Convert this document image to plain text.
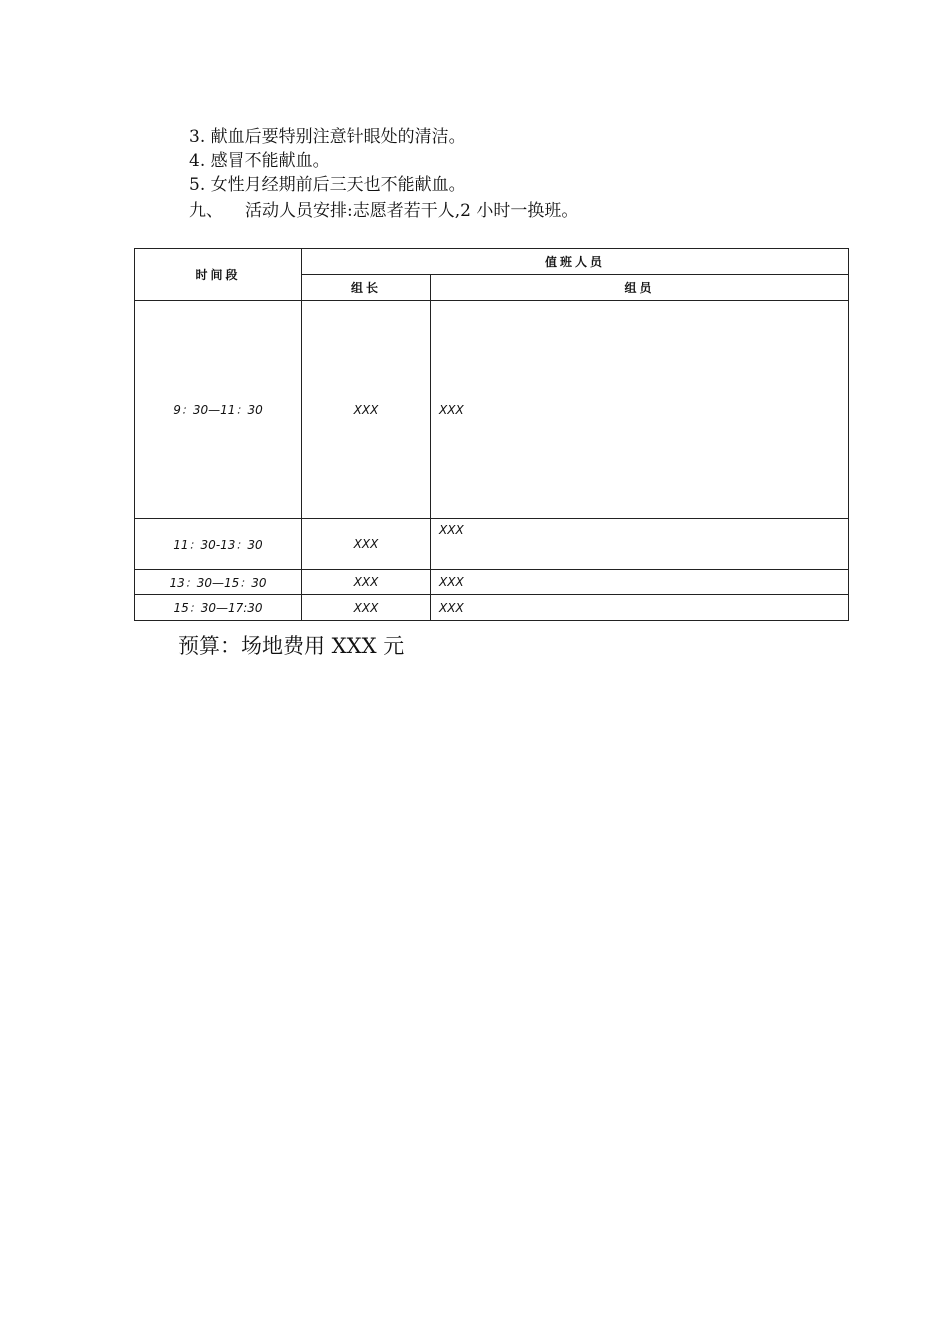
3. 献血后要特别注意针眼处的清洁。
4. 感冒不能献血。
5. 女性月经期前后三天也不能献血。
九、 活动人员安排:志愿者若干人,2 小时一换班。
时间段	值班人员	
	组长	组员
9：30—11：30	XXX	XXX
11：30-13：30	XXX	XXX
13：30—15：30	XXX	XXX
15：30—17:30	XXX	XXX
预算：场地费用 XXX 元
